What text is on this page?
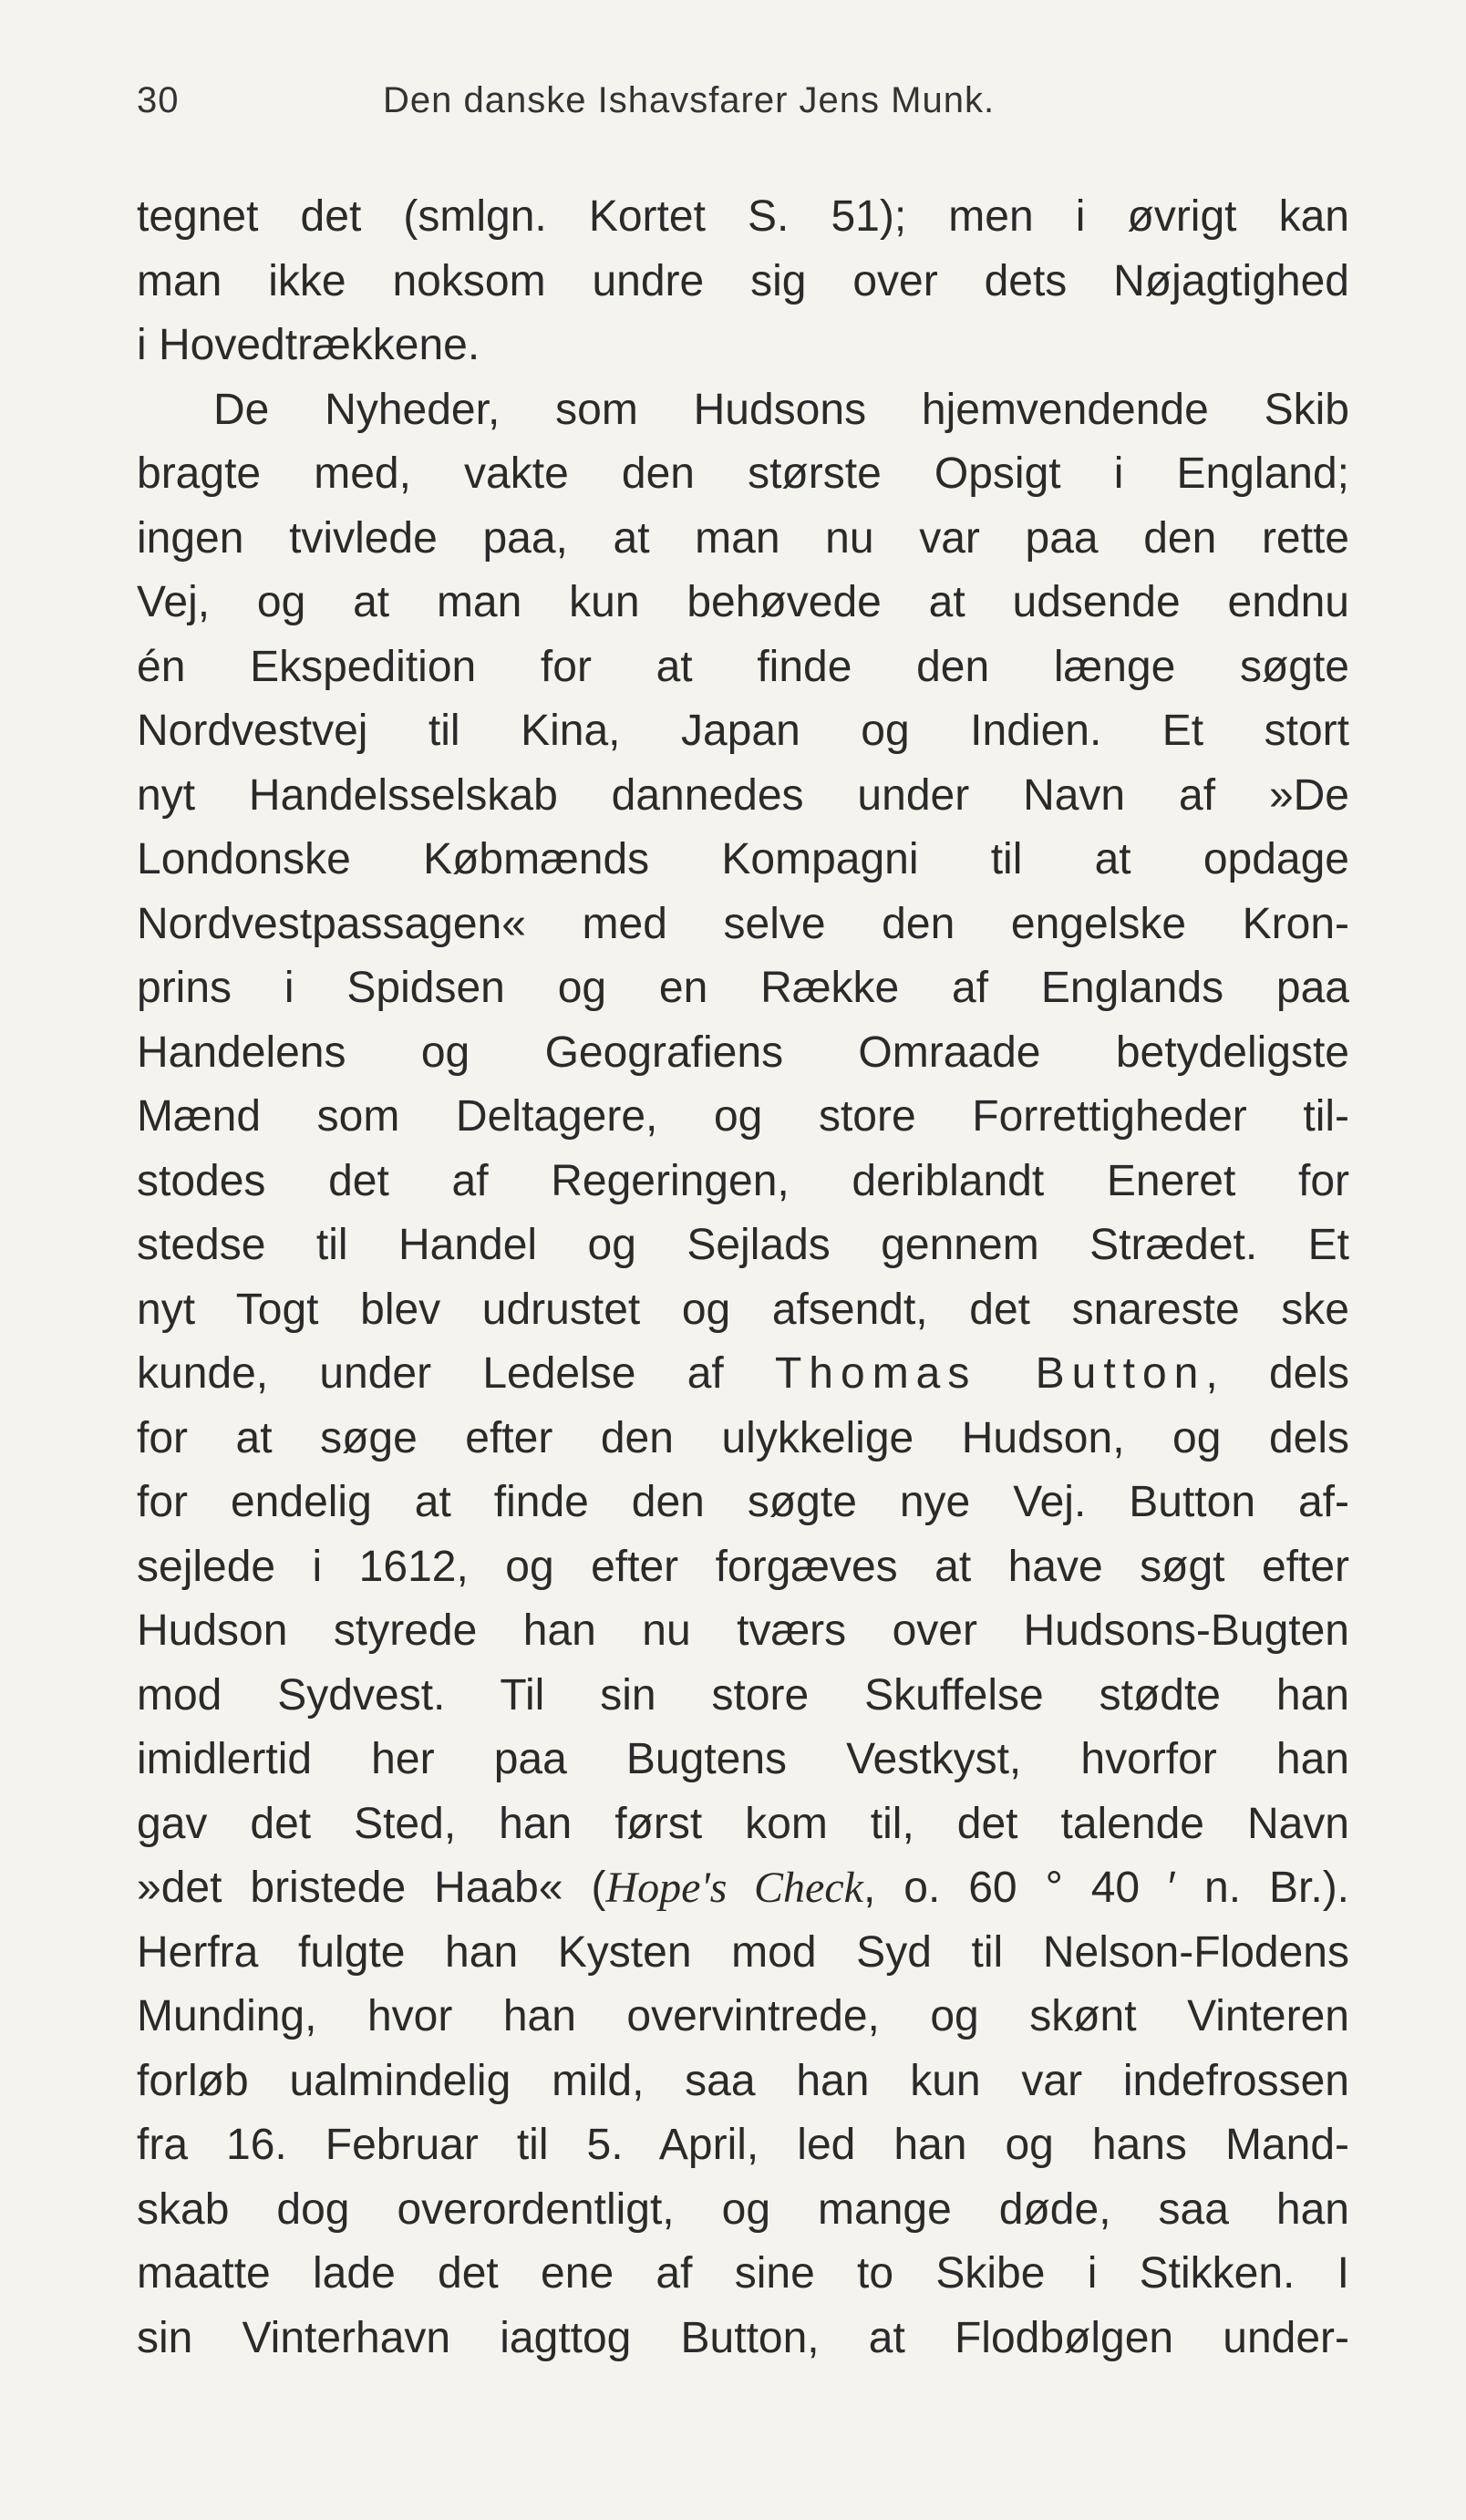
30	Den danske Ishavsfarer Jens Munk.
tegnet det (smlgn. Kortet S. 51); men i øvrigt kan
man ikke noksom undre sig over dets Nøjagtighed
i Hovedtrækkene.
De Nyheder, som Hudsons hjemvendende Skib
bragte med, vakte den største Opsigt i England;
ingen tvivlede paa, at man nu var paa den rette
Vej, og at man kun behøvede at udsende endnu
én Ekspedition for at finde den længe søgte
Nordvestvej til Kina, Japan og Indien. Et stort
nyt Handelsselskab dannedes under Navn af »De
Londonske Købmænds Kompagni til at opdage
Nordvestpassagen« med selve den engelske Kron-
prins i Spidsen og en Række af Englands paa
Handelens og Geografiens Omraade betydeligste
Mænd som Deltagere, og store Forrettigheder til-
stodes det af Regeringen, deriblandt Eneret for
stedse til Handel og Sejlads gennem Strædet. Et
nyt Togt blev udrustet og afsendt, det snareste ske
kunde, under Ledelse af Thomas Button, dels
for at søge efter den ulykkelige Hudson, og dels
for endelig at finde den søgte nye Vej. Button af-
sejlede i 1612, og efter forgæves at have søgt efter
Hudson styrede han nu tværs over Hudsons-Bugten
mod Sydvest. Til sin store Skuffelse stødte han
imidlertid her paa Bugtens Vestkyst, hvorfor han
gav det Sted, han først kom til, det talende Navn
»det bristede Haab« (Hope's Check, o. 60 ° 40 ′ n. Br.).
Herfra fulgte han Kysten mod Syd til Nelson-Flodens
Munding, hvor han overvintrede, og skønt Vinteren
forløb ualmindelig mild, saa han kun var indefrossen
fra 16. Februar til 5. April, led han og hans Mand-
skab dog overordentligt, og mange døde, saa han
maatte lade det ene af sine to Skibe i Stikken. I
sin Vinterhavn iagttog Button, at Flodbølgen under-
